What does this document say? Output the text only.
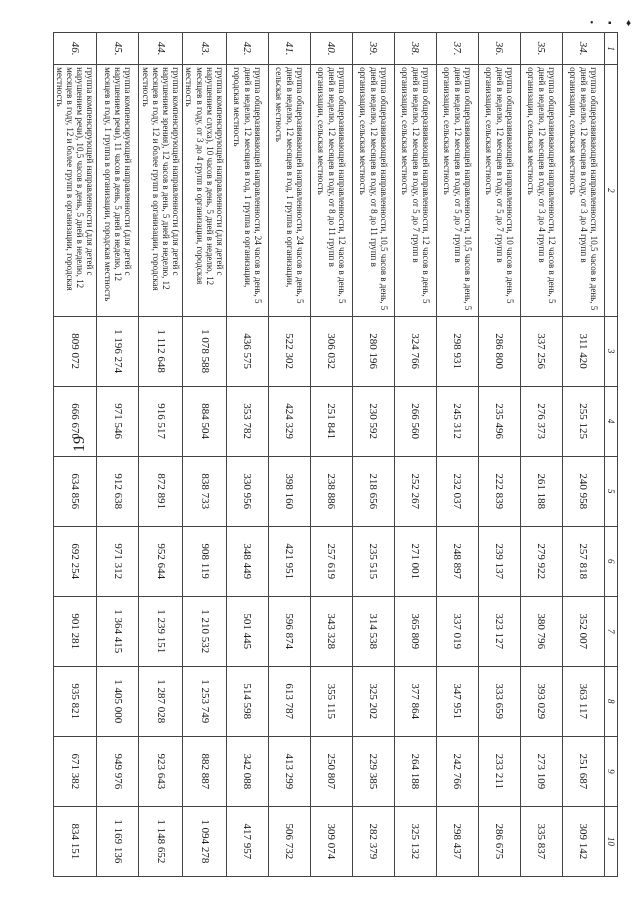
• ▪ ♦
19
1	2	3	4	5	6	7	8	9	10
34.	группа общеразвивающей направленности, 10,5 часов в день, 5 дней в неделю, 12 месяцев в году, от 3 до 4 групп в организации, сельская местность	311 420	255 125	240 958	257 818	352 007	363 117	251 687	309 142
35.	группа общеразвивающей направленности, 12 часов в день, 5 дней в неделю, 12 месяцев в году, от 3 до 4 групп в организации, сельская местность	337 256	276 373	261 188	279 922	380 796	393 029	273 109	335 837
36.	группа общеразвивающей направленности, 10 часов в день, 5 дней в неделю, 12 месяцев в году, от 5 до 7 групп в организации, сельская местность	286 800	235 496	222 839	239 137	323 127	333 659	233 211	286 675
37.	группа общеразвивающей направленности, 10,5 часов в день, 5 дней в неделю, 12 месяцев в году, от 5 до 7 групп в организации, сельская местность	298 931	245 312	232 037	248 897	337 019	347 951	242 766	298 437
38.	группа общеразвивающей направленности, 12 часов в день, 5 дней в неделю, 12 месяцев в году, от 5 до 7 групп в организации, сельская местность	324 766	266 560	252 267	271 001	365 809	377 864	264 188	325 132
39.	группа общеразвивающей направленности, 10,5 часов в день, 5 дней в неделю, 12 месяцев в году, от 8 до 11 групп в организации, сельская местность	280 196	230 592	218 656	235 515	314 538	325 202	229 385	282 379
40.	группа общеразвивающей направленности, 12 часов в день, 5 дней в неделю, 12 месяцев в году, от 8 до 11 групп в организации, сельская местность	306 032	251 841	238 886	257 619	343 328	355 115	250 807	309 074
41.	группа общеразвивающей направленности, 24 часов в день, 5 дней в неделю, 12 месяцев в год, 1 группа в организации, сельская местность	522 302	424 329	398 160	421 951	596 874	613 787	413 299	506 732
42.	группа общеразвивающей направленности, 24 часов в день, 5 дней в неделю, 12 месяцев в год, 1 группа в организации, городская местность	436 575	353 782	330 956	348 449	501 445	514 598	342 088	417 957
43.	группа компенсирующей направленности (для детей с нарушением слуха), 10 часов в день, 5 дней в неделю, 12 месяцев в году, от 3 до 4 групп в организации, городская местность	1 078 588	884 504	838 733	908 119	1 210 532	1 253 749	882 887	1 094 278
44.	группа компенсирующей направленности (для детей с нарушением зрения), 12 часов в день, 5 дней в неделю, 12 месяцев в году, 12 и более групп в организации, городская местность	1 112 648	916 517	872 891	952 644	1 239 151	1 287 028	923 643	1 148 652
45.	группа компенсирующей направленности (для детей с нарушением речи), 11 часов в день, 5 дней в неделю, 12 месяцев в году, 1 группа в организации, городская местность	1 196 274	971 546	912 638	971 312	1 364 415	1 405 000	949 976	1 169 136
46.	группа компенсирующей направленности (для детей с нарушением речи), 10,5 часов в день, 5 дней в неделю, 12 месяцев в году, 12 и более групп в организации, городская местность	809 072	666 670	634 856	692 254	901 281	935 821	671 382	834 151
